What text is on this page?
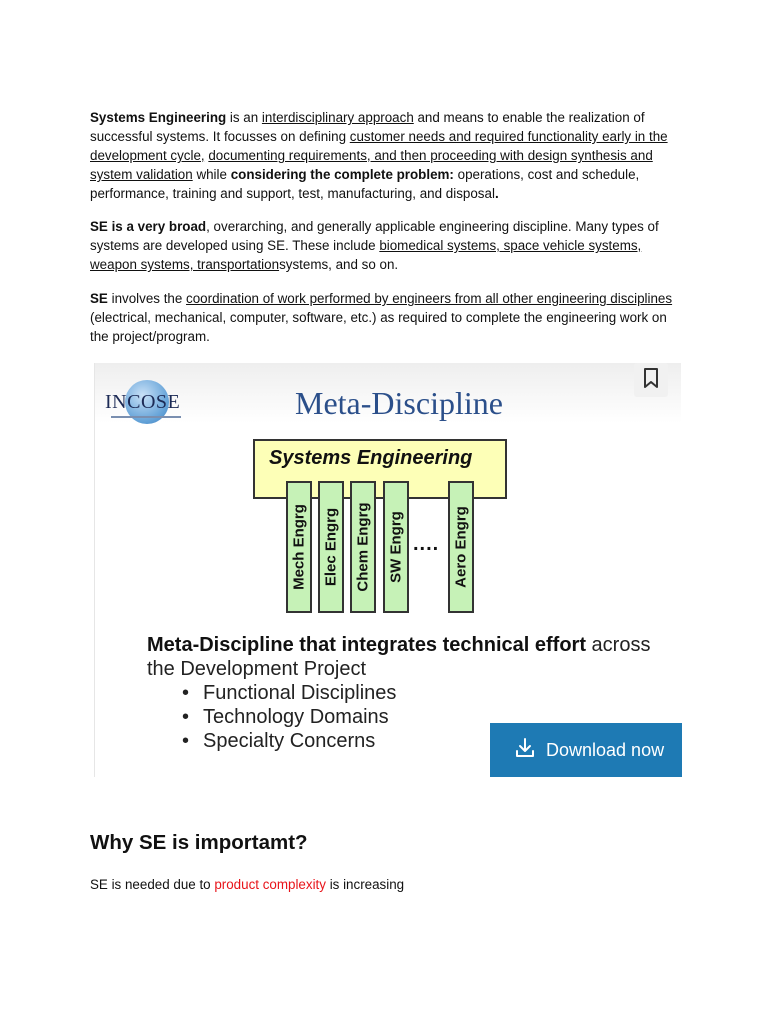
Systems Engineering is an interdisciplinary approach and means to enable the realization of successful systems. It focusses on defining customer needs and required functionality early in the development cycle, documenting requirements, and then proceeding with design synthesis and system validation while considering the complete problem: operations, cost and schedule, performance, training and support, test, manufacturing, and disposal.

SE is a very broad, overarching, and generally applicable engineering discipline. Many types of systems are developed using SE. These include biomedical systems, space vehicle systems, weapon systems, transportationsystems, and so on.

SE involves the coordination of work performed by engineers from all other engineering disciplines (electrical, mechanical, computer, software, etc.) as required to complete the engineering work on the project/program.

INCOSE	Meta-Discipline
Systems Engineering
Mech Engrg Elec Engrg Chem Engrg SW Engrg .... Aero Engrg
Meta-Discipline that integrates technical effort across
the Development Project
• Functional Disciplines
• Technology Domains
• Specialty Concerns	Download now
Why SE is importamt?

SE is needed due to product complexity is increasing
